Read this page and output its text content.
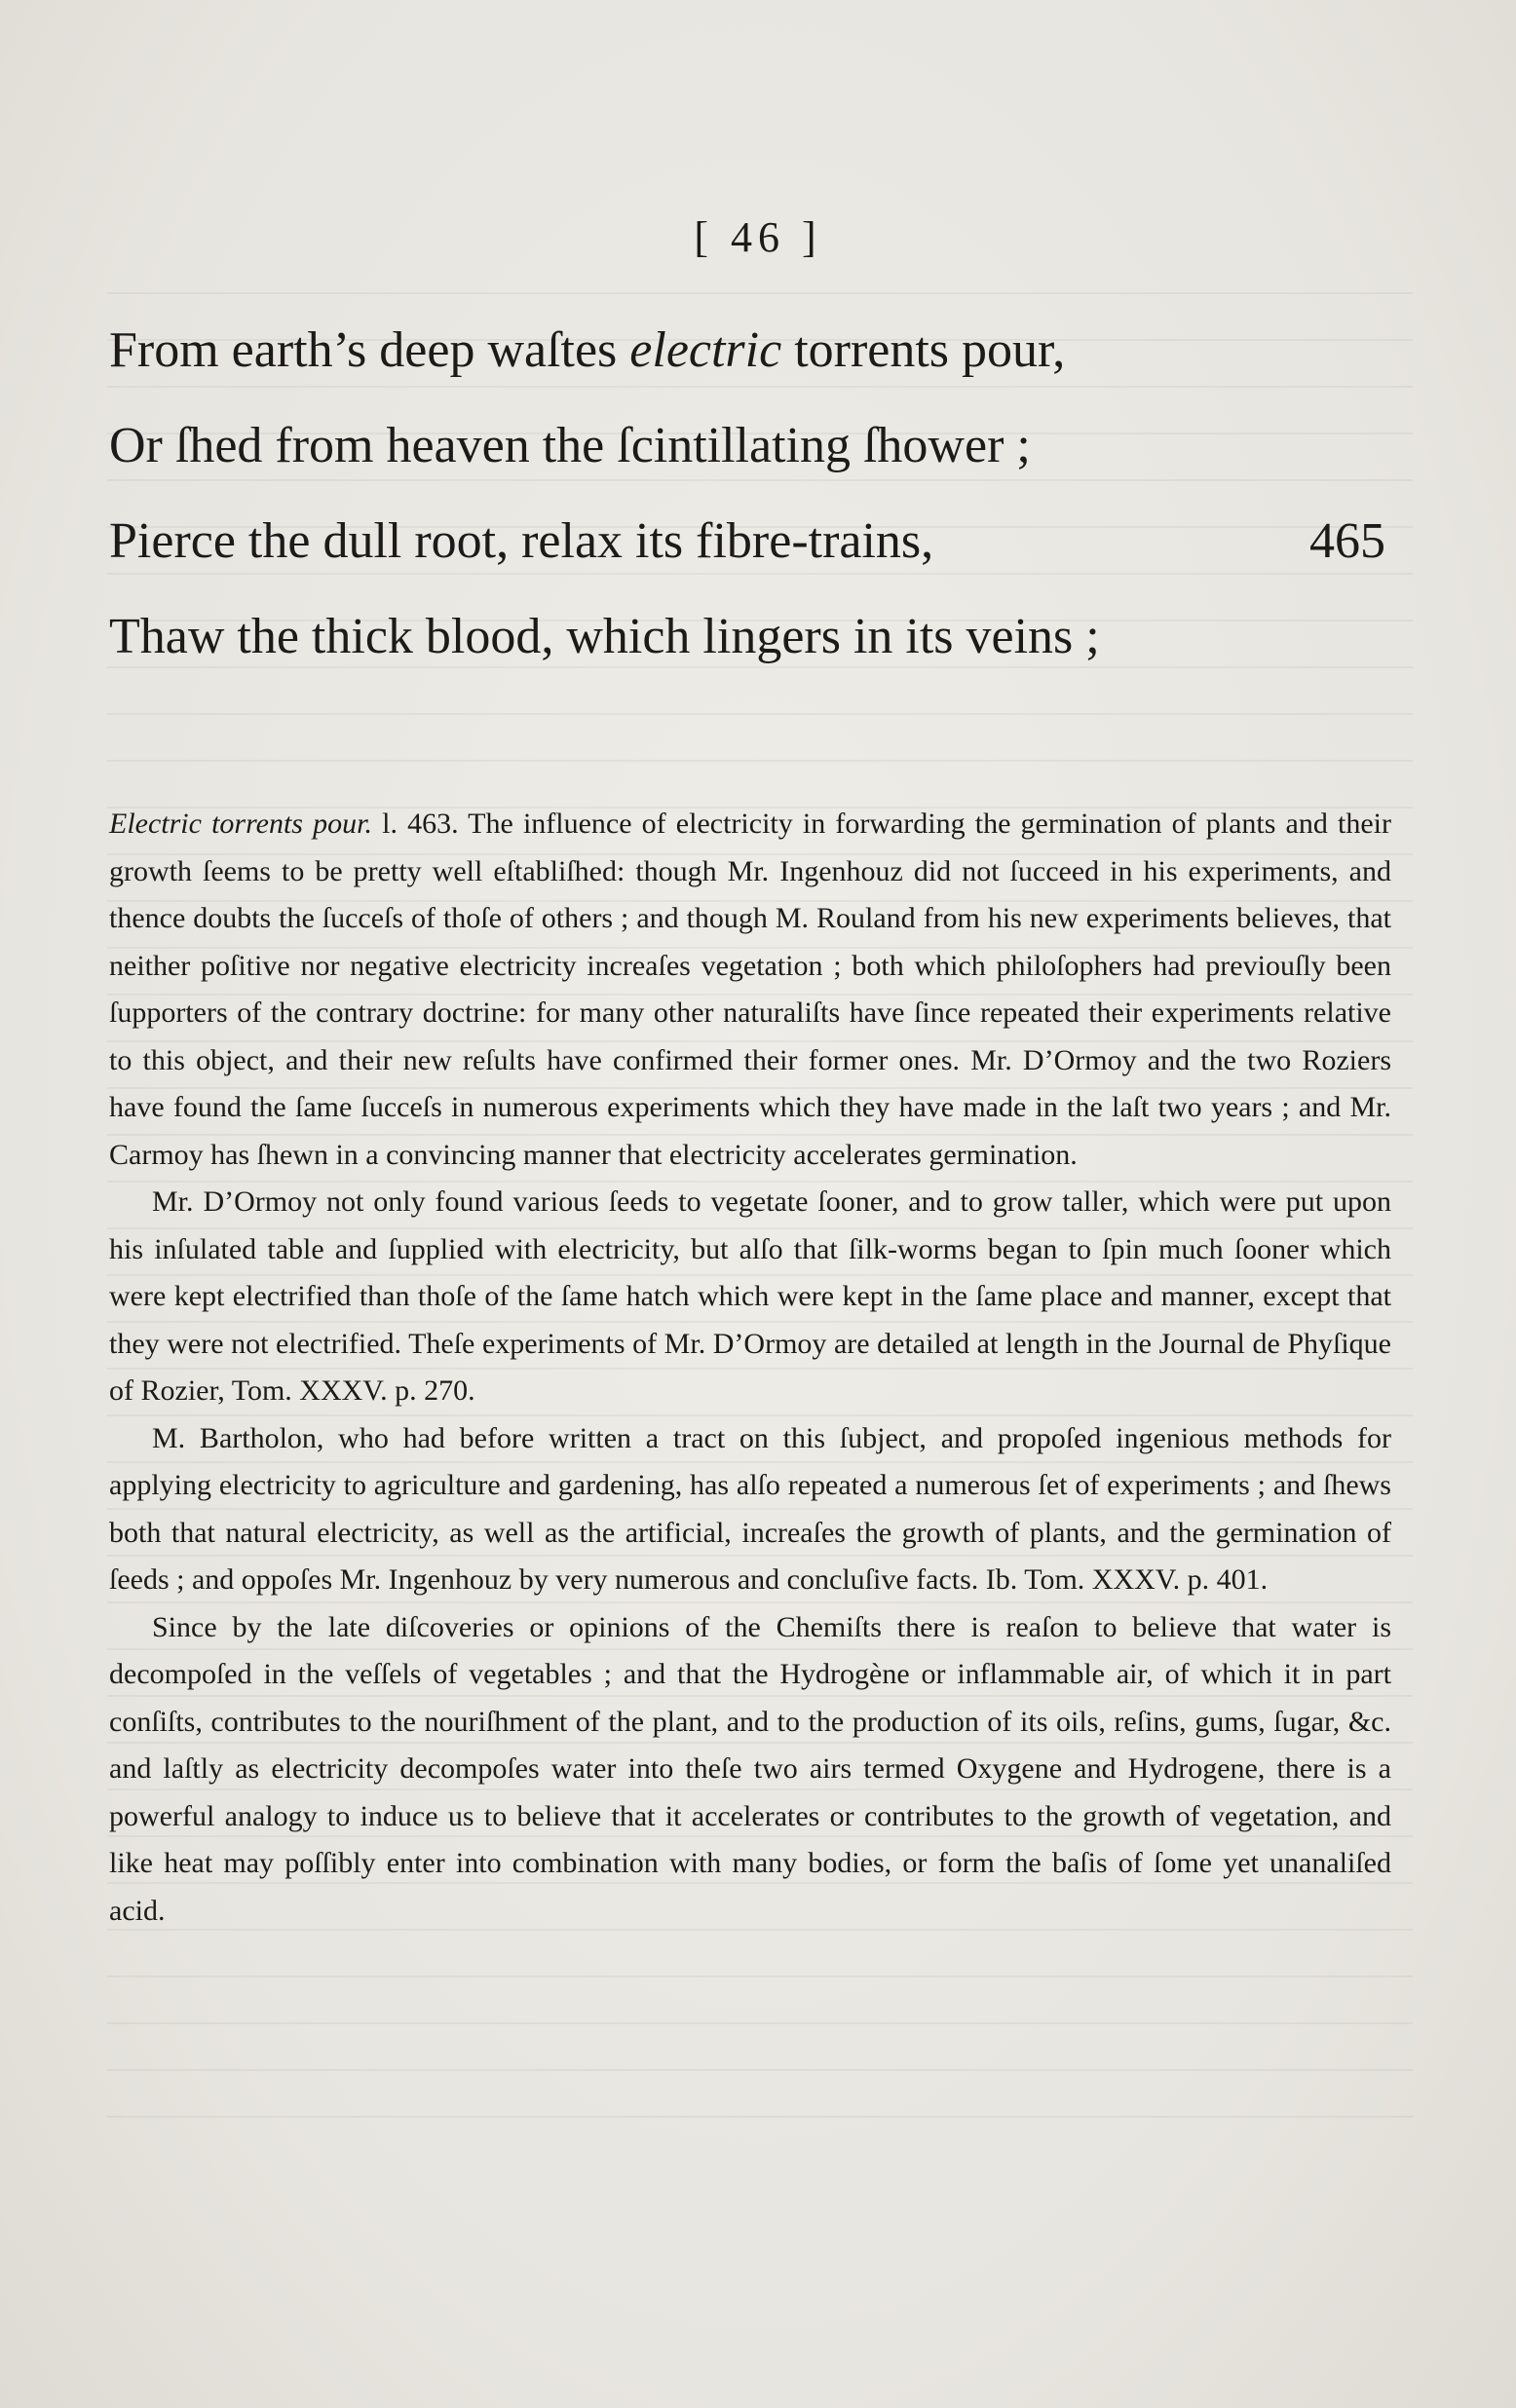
[ 46 ]
From earth’s deep waſtes electric torrents pour,
Or ſhed from heaven the ſcintillating ſhower ;
Pierce the dull root, relax its fibre-trains,	465
Thaw the thick blood, which lingers in its veins ;

Electric torrents pour. l. 463. The influence of electricity in forwarding the germination of plants and their growth ſeems to be pretty well eſtabliſhed: though Mr. Ingenhouz did not ſucceed in his experiments, and thence doubts the ſucceſs of thoſe of others ; and though M. Rouland from his new experiments believes, that neither poſitive nor negative electricity increaſes vegetation ; both which philoſophers had previouſly been ſupporters of the contrary doctrine: for many other naturaliſts have ſince repeated their experiments relative to this object, and their new reſults have confirmed their former ones. Mr. D’Ormoy and the two Roziers have found the ſame ſucceſs in numerous experiments which they have made in the laſt two years ; and Mr. Carmoy has ſhewn in a convincing manner that electricity accelerates germination.

Mr. D’Ormoy not only found various ſeeds to vegetate ſooner, and to grow taller, which were put upon his inſulated table and ſupplied with electricity, but alſo that ſilk-worms began to ſpin much ſooner which were kept electrified than thoſe of the ſame hatch which were kept in the ſame place and manner, except that they were not electrified. Theſe experiments of Mr. D’Ormoy are detailed at length in the Journal de Phyſique of Rozier, Tom. XXXV. p. 270.

M. Bartholon, who had before written a tract on this ſubject, and propoſed ingenious methods for applying electricity to agriculture and gardening, has alſo repeated a numerous ſet of experiments ; and ſhews both that natural electricity, as well as the artificial, increaſes the growth of plants, and the germination of ſeeds ; and oppoſes Mr. Ingenhouz by very numerous and concluſive facts. Ib. Tom. XXXV. p. 401.

Since by the late diſcoveries or opinions of the Chemiſts there is reaſon to believe that water is decompoſed in the veſſels of vegetables ; and that the Hydrogène or inflammable air, of which it in part conſiſts, contributes to the nouriſhment of the plant, and to the production of its oils, reſins, gums, ſugar, &c. and laſtly as electricity decompoſes water into theſe two airs termed Oxygene and Hydrogene, there is a powerful analogy to induce us to believe that it accelerates or contributes to the growth of vegetation, and like heat may poſſibly enter into combination with many bodies, or form the baſis of ſome yet unanaliſed acid.
